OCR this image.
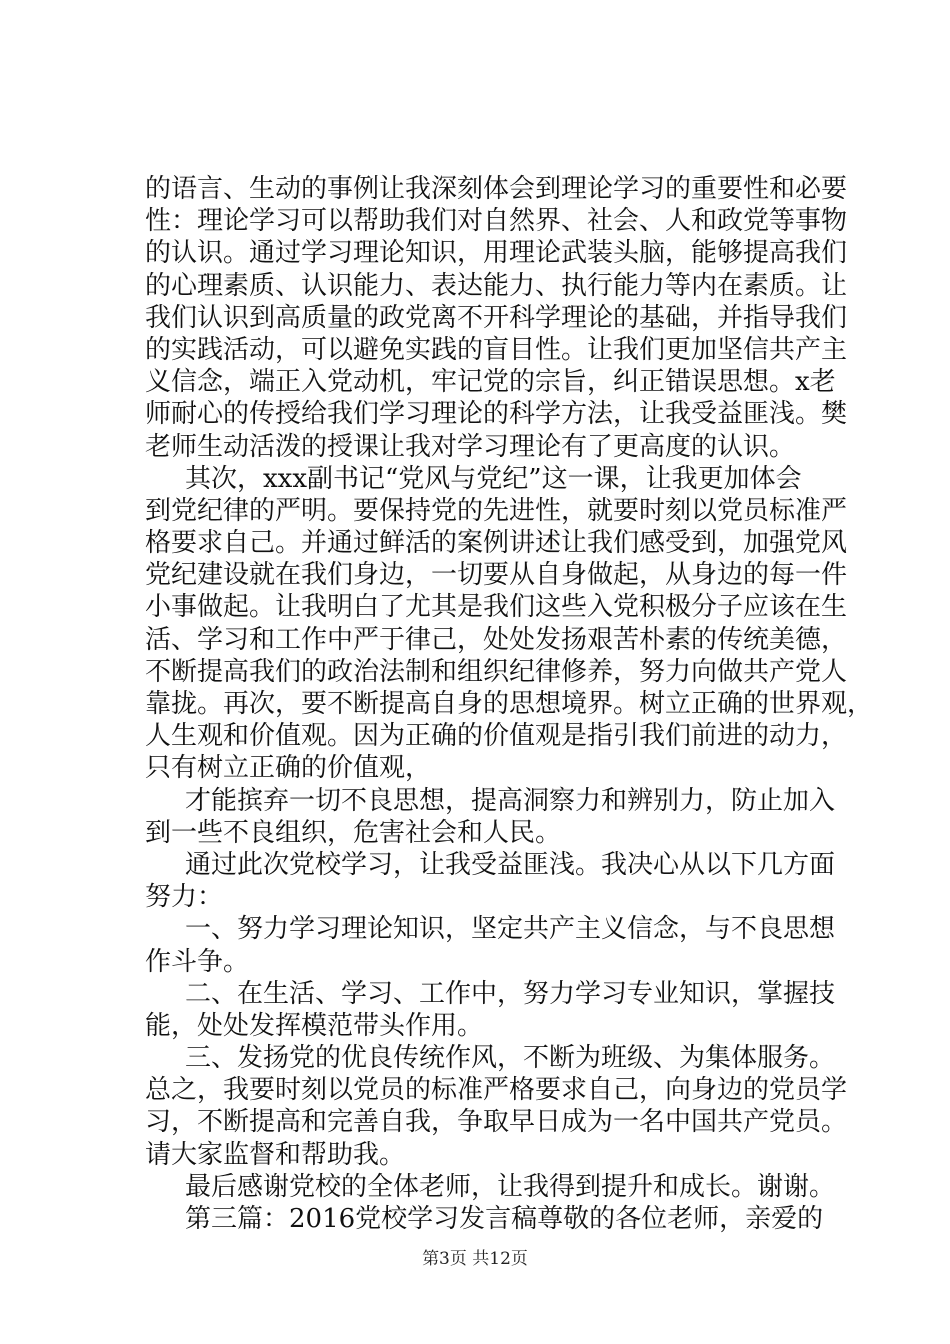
的语言、生动的事例让我深刻体会到理论学习的重要性和必要
性：理论学习可以帮助我们对自然界、社会、人和政党等事物
的认识。通过学习理论知识，用理论武装头脑，能够提高我们
的心理素质、认识能力、表达能力、执行能力等内在素质。让
我们认识到高质量的政党离不开科学理论的基础，并指导我们
的实践活动，可以避免实践的盲目性。让我们更加坚信共产主
义信念，端正入党动机，牢记党的宗旨，纠正错误思想。x老
师耐心的传授给我们学习理论的科学方法，让我受益匪浅。樊
老师生动活泼的授课让我对学习理论有了更高度的认识。
其次，xxx副书记“党风与党纪”这一课，让我更加体会
到党纪律的严明。要保持党的先进性，就要时刻以党员标准严
格要求自己。并通过鲜活的案例讲述让我们感受到，加强党风
党纪建设就在我们身边，一切要从自身做起，从身边的每一件
小事做起。让我明白了尤其是我们这些入党积极分子应该在生
活、学习和工作中严于律己，处处发扬艰苦朴素的传统美德，
不断提高我们的政治法制和组织纪律修养，努力向做共产党人
靠拢。再次，要不断提高自身的思想境界。树立正确的世界观，
人生观和价值观。因为正确的价值观是指引我们前进的动力，
只有树立正确的价值观，
才能摈弃一切不良思想，提高洞察力和辨别力，防止加入
到一些不良组织，危害社会和人民。
通过此次党校学习，让我受益匪浅。我决心从以下几方面
努力：
一、努力学习理论知识，坚定共产主义信念，与不良思想
作斗争。
二、在生活、学习、工作中，努力学习专业知识，掌握技
能，处处发挥模范带头作用。
三、发扬党的优良传统作风，不断为班级、为集体服务。
总之，我要时刻以党员的标准严格要求自己，向身边的党员学
习，不断提高和完善自我，争取早日成为一名中国共产党员。
请大家监督和帮助我。
最后感谢党校的全体老师，让我得到提升和成长。谢谢。
第三篇：2016党校学习发言稿尊敬的各位老师，亲爱的
第3页 共12页
